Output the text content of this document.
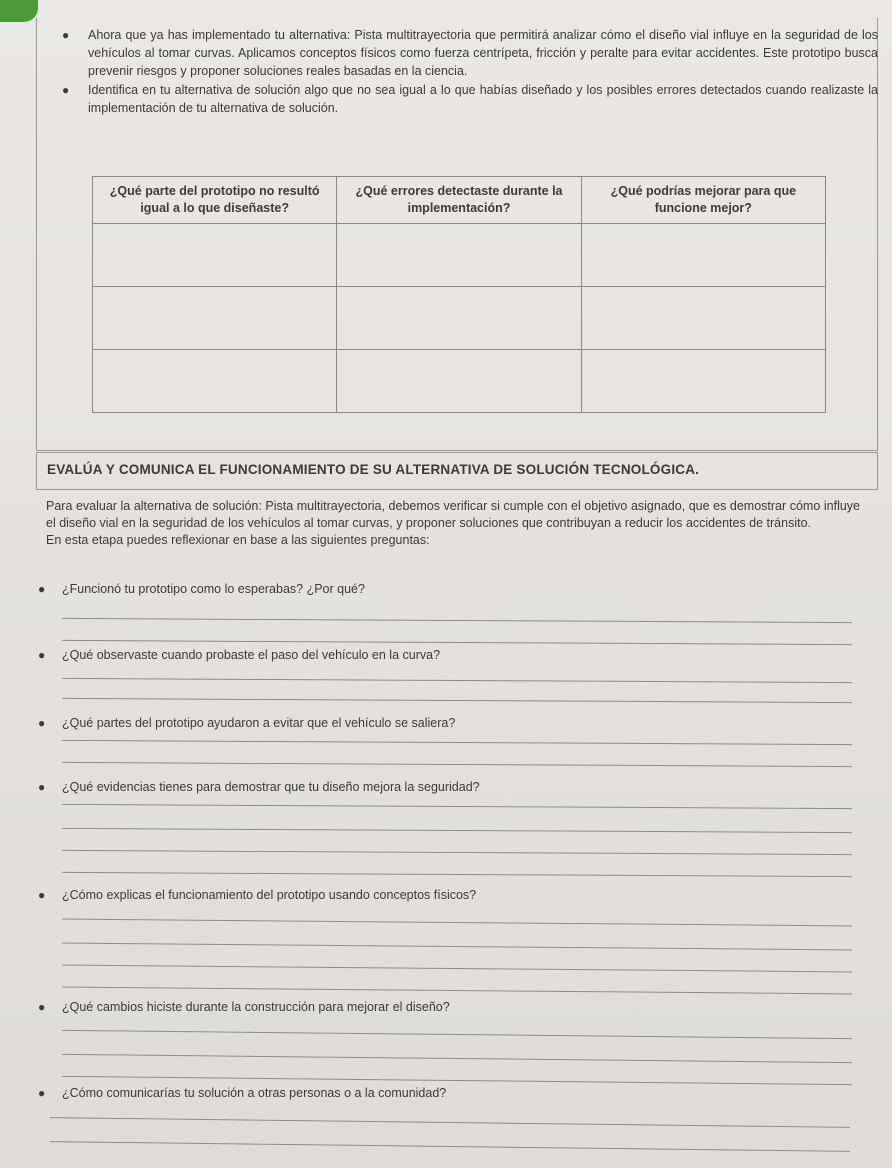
● Ahora que ya has implementado tu alternativa: Pista multitrayectoria que permitirá analizar cómo el diseño vial influye en la seguridad de los vehículos al tomar curvas. Aplicamos conceptos físicos como fuerza centrípeta, fricción y peralte para evitar accidentes. Este prototipo busca prevenir riesgos y proponer soluciones reales basadas en la ciencia.
● Identifica en tu alternativa de solución algo que no sea igual a lo que habías diseñado y los posibles errores detectados cuando realizaste la implementación de tu alternativa de solución.
¿Qué parte del prototipo no resultó igual a lo que diseñaste?	¿Qué errores detectaste durante la implementación?	¿Qué podrías mejorar para que funcione mejor?

EVALÚA Y COMUNICA EL FUNCIONAMIENTO DE SU ALTERNATIVA DE SOLUCIÓN TECNOLÓGICA.
Para evaluar la alternativa de solución: Pista multitrayectoria, debemos verificar si cumple con el objetivo asignado, que es demostrar cómo influye el diseño vial en la seguridad de los vehículos al tomar curvas, y proponer soluciones que contribuyan a reducir los accidentes de tránsito.
En esta etapa puedes reflexionar en base a las siguientes preguntas:
● ¿Funcionó tu prototipo como lo esperabas? ¿Por qué?
● ¿Qué observaste cuando probaste el paso del vehículo en la curva?
● ¿Qué partes del prototipo ayudaron a evitar que el vehículo se saliera?
● ¿Qué evidencias tienes para demostrar que tu diseño mejora la seguridad?
● ¿Cómo explicas el funcionamiento del prototipo usando conceptos físicos?
● ¿Qué cambios hiciste durante la construcción para mejorar el diseño?
● ¿Cómo comunicarías tu solución a otras personas o a la comunidad?
